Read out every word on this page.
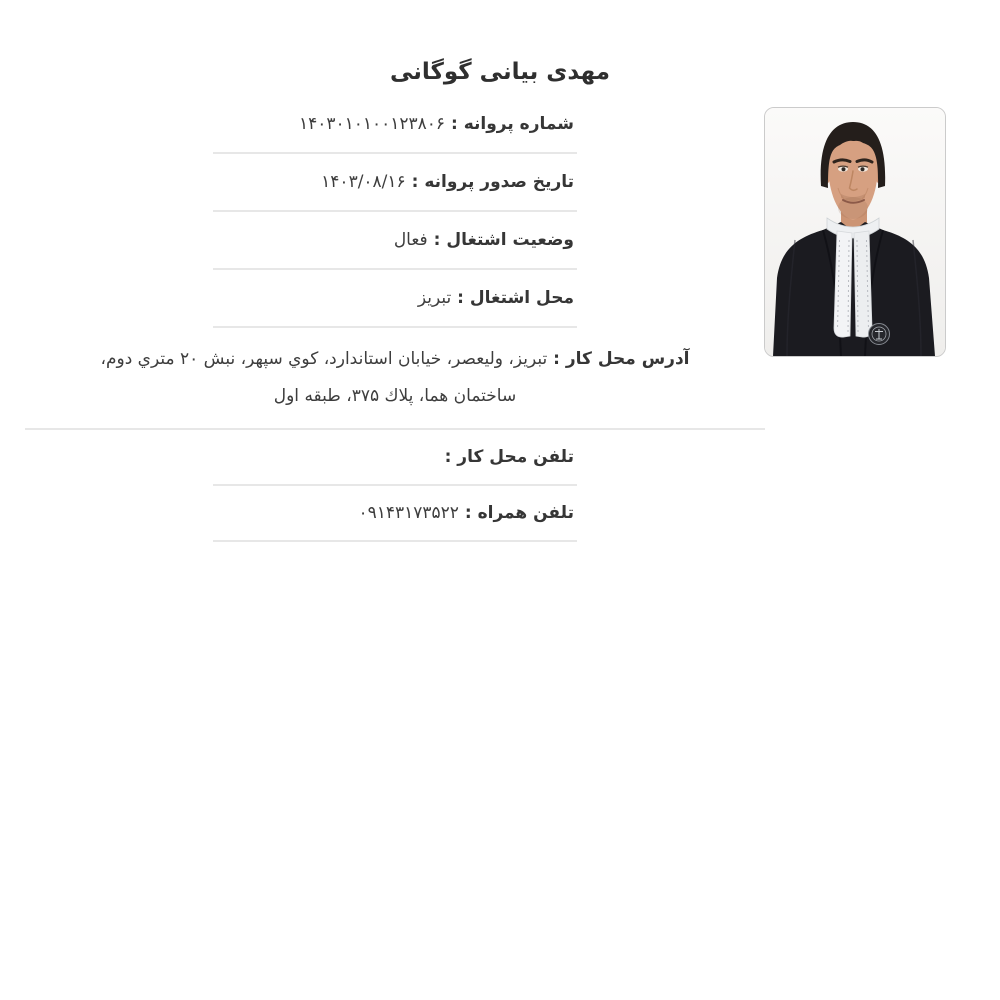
مهدی بیانی گوگانی
شماره پروانه : ۱۴۰۳۰۱۰۱۰۰۱۲۳۸۰۶
تاریخ صدور پروانه : ۱۴۰۳/۰۸/۱۶
وضعیت اشتغال : فعال
محل اشتغال : تبریز
آدرس محل کار : تبریز، ولیعصر، خیابان استاندارد، کوي سپهر، نبش ۲۰ متري دوم،
ساختمان هما، پلاك ۳۷۵، طبقه اول
تلفن محل کار :
تلفن همراه : ۰۹۱۴۳۱۷۳۵۲۲
